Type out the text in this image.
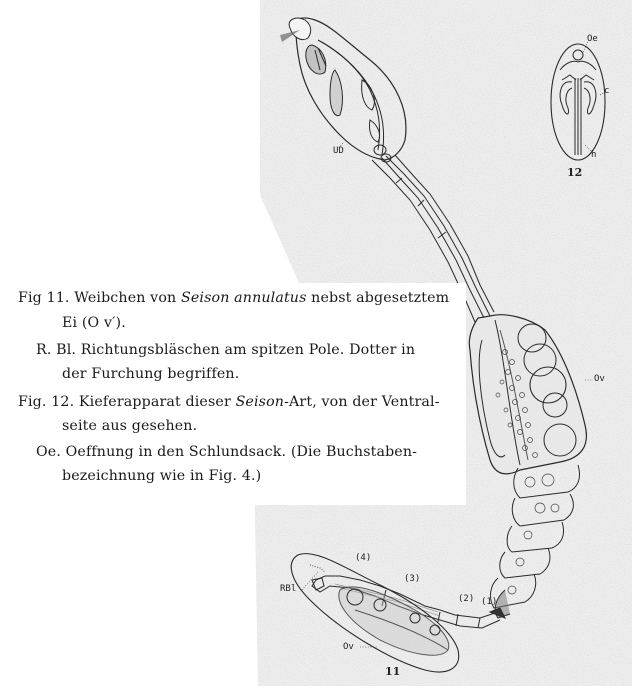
UD
Ov
RBl
Ov
(4)
(3)
(2) (1)
11
Oe
c
h
12
Fig 11. Weibchen von Seison annulatus nebst abgesetztem
Ei (O v′).
R. Bl. Richtungsbläschen am spitzen Pole. Dotter in
der Furchung begriffen.
Fig. 12. Kieferapparat dieser Seison-Art, von der Ventral-
seite aus gesehen.
Oe. Oeffnung in den Schlundsack. (Die Buchstaben-
bezeichnung wie in Fig. 4.)
